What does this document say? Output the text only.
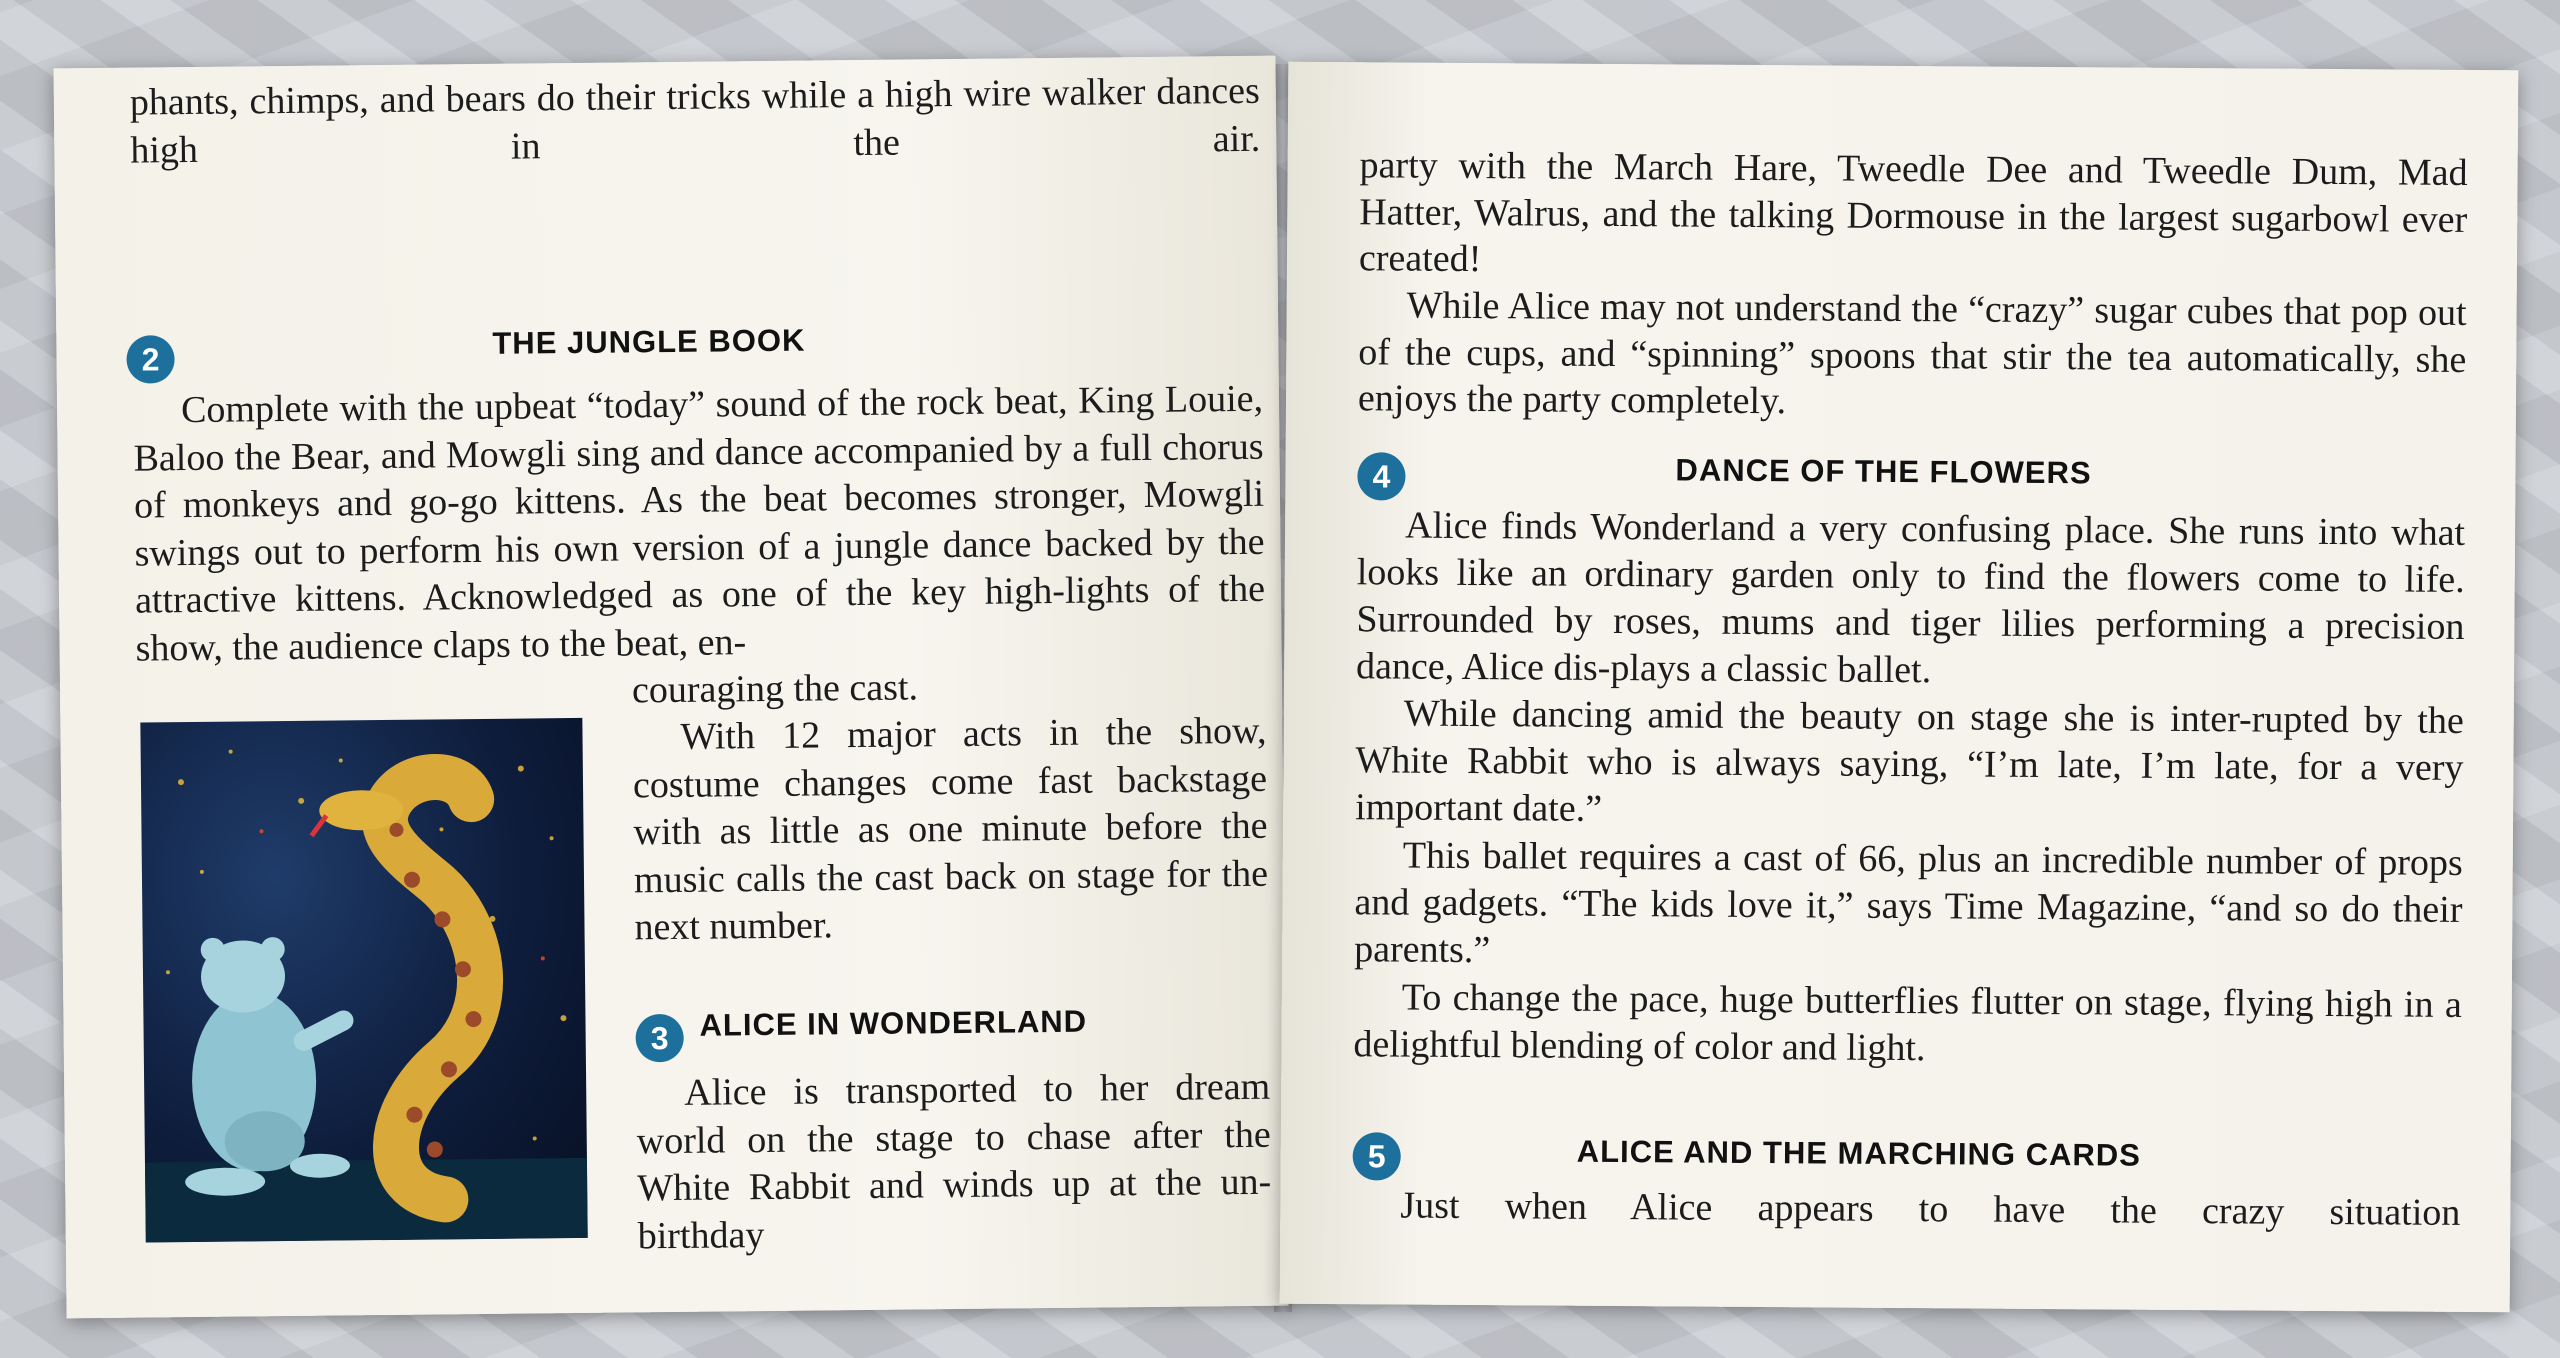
phants, chimps, and bears do their tricks while a high wire walker dances high in the air.

2	THE JUNGLE BOOK

Complete with the upbeat “today” sound of the rock beat, King Louie, Baloo the Bear, and Mowgli sing and dance accompanied by a full chorus of monkeys and go-go kittens. As the beat becomes stronger, Mowgli swings out to perform his own version of a jungle dance backed by the attractive kittens. Acknowledged as one of the key high-lights of the show, the audience claps to the beat, en-

couraging the cast.

With 12 major acts in the show, costume changes come fast backstage with as little as one minute before the music calls the cast back on stage for the next number.

3 ALICE IN WONDERLAND

Alice is transported to her dream world on the stage to chase after the White Rabbit and winds up at the un-birthday

party with the March Hare, Tweedle Dee and Tweedle Dum, Mad Hatter, Walrus, and the talking Dormouse in the largest sugarbowl ever created!

While Alice may not understand the “crazy” sugar cubes that pop out of the cups, and “spinning” spoons that stir the tea automatically, she enjoys the party completely.

4	DANCE OF THE FLOWERS

Alice finds Wonderland a very confusing place. She runs into what looks like an ordinary garden only to find the flowers come to life. Surrounded by roses, mums and tiger lilies performing a precision dance, Alice dis-plays a classic ballet.

While dancing amid the beauty on stage she is inter-rupted by the White Rabbit who is always saying, “I’m late, I’m late, for a very important date.”

This ballet requires a cast of 66, plus an incredible number of props and gadgets. “The kids love it,” says Time Magazine, “and so do their parents.”

To change the pace, huge butterflies flutter on stage, flying high in a delightful blending of color and light.

5	ALICE AND THE MARCHING CARDS

Just when Alice appears to have the crazy situation
